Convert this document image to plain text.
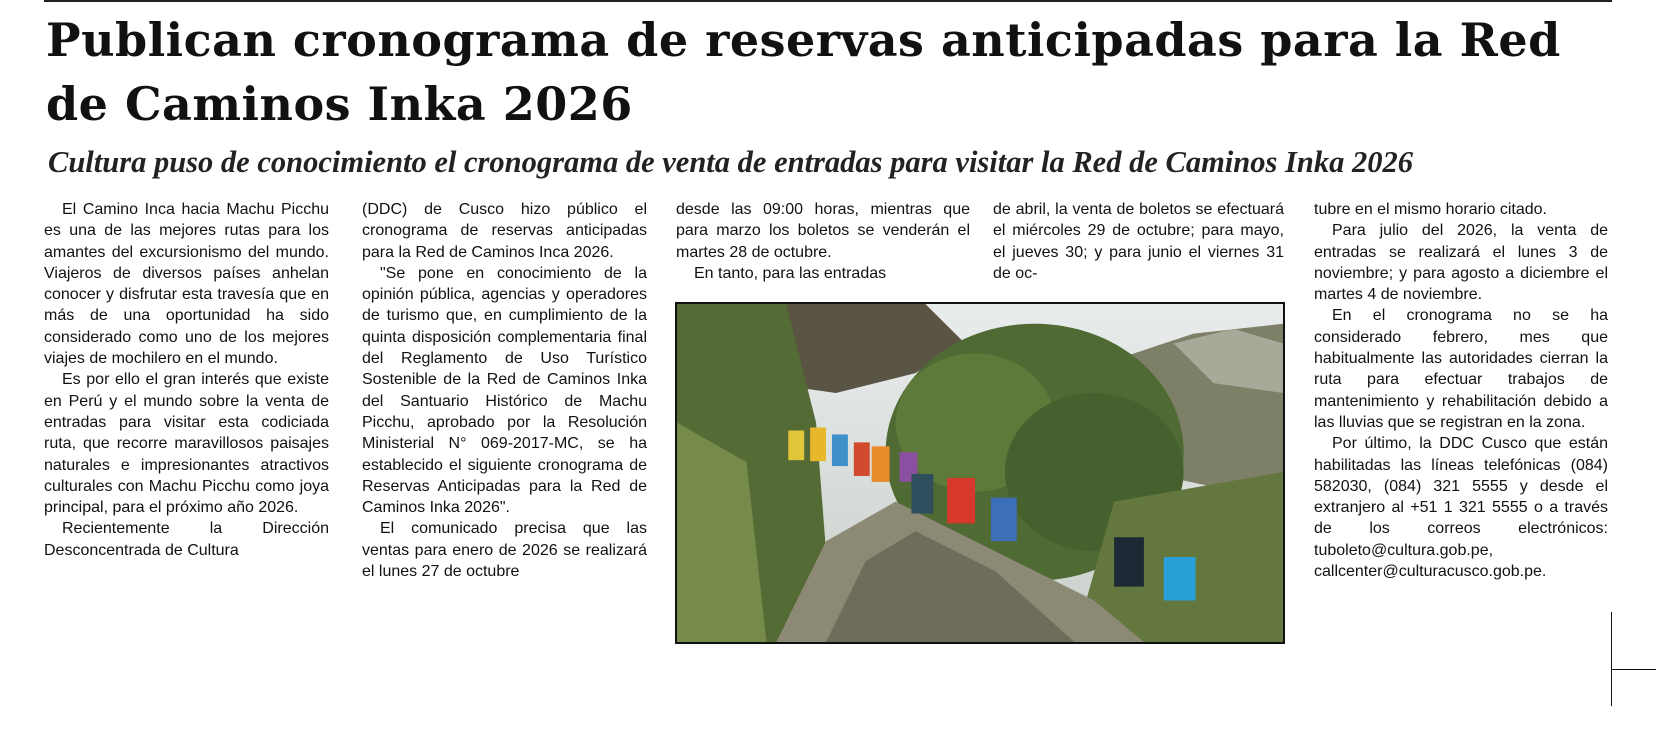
Publican cronograma de reservas anticipadas para la Red de Caminos Inka 2026
Cultura puso de conocimiento el cronograma de venta de entradas para visitar la Red de Caminos Inka 2026

El Camino Inca hacia Machu Picchu es una de las mejores rutas para los amantes del excursionismo del mundo. Viajeros de diversos países anhelan conocer y disfrutar esta travesía que en más de una oportunidad ha sido considerado como uno de los mejores viajes de mochilero en el mundo.

Es por ello el gran interés que existe en Perú y el mundo sobre la venta de entradas para visitar esta codiciada ruta, que recorre maravillosos paisajes naturales e impresionantes atractivos culturales con Machu Picchu como joya principal, para el próximo año 2026.

Recientemente la Dirección Desconcentrada de Cultura

(DDC) de Cusco hizo público el cronograma de reservas anticipadas para la Red de Caminos Inca 2026.

"Se pone en conocimiento de la opinión pública, agencias y operadores de turismo que, en cumplimiento de la quinta disposición complementaria final del Reglamento de Uso Turístico Sostenible de la Red de Caminos Inka del Santuario Histórico de Machu Picchu, aprobado por la Resolución Ministerial N° 069-2017-MC, se ha establecido el siguiente cronograma de Reservas Anticipadas para la Red de Caminos Inka 2026".

El comunicado precisa que las ventas para enero de 2026 se realizará el lunes 27 de octubre

desde las 09:00 horas, mientras que para marzo los boletos se venderán el martes 28 de octubre.

En tanto, para las entradas

de abril, la venta de boletos se efectuará el miércoles 29 de octubre; para mayo, el jueves 30; y para junio el viernes 31 de oc-

tubre en el mismo horario citado.

Para julio del 2026, la venta de entradas se realizará el lunes 3 de noviembre; y para agosto a diciembre el martes 4 de noviembre.

En el cronograma no se ha considerado febrero, mes que habitualmente las autoridades cierran la ruta para efectuar trabajos de mantenimiento y rehabilitación debido a las lluvias que se registran en la zona.

Por último, la DDC Cusco que están habilitadas las líneas telefónicas (084) 582030, (084) 321 5555 y desde el extranjero al +51 1 321 5555 o a través de los correos electrónicos: tuboleto@cultura.gob.pe, callcenter@culturacusco.gob.pe.
